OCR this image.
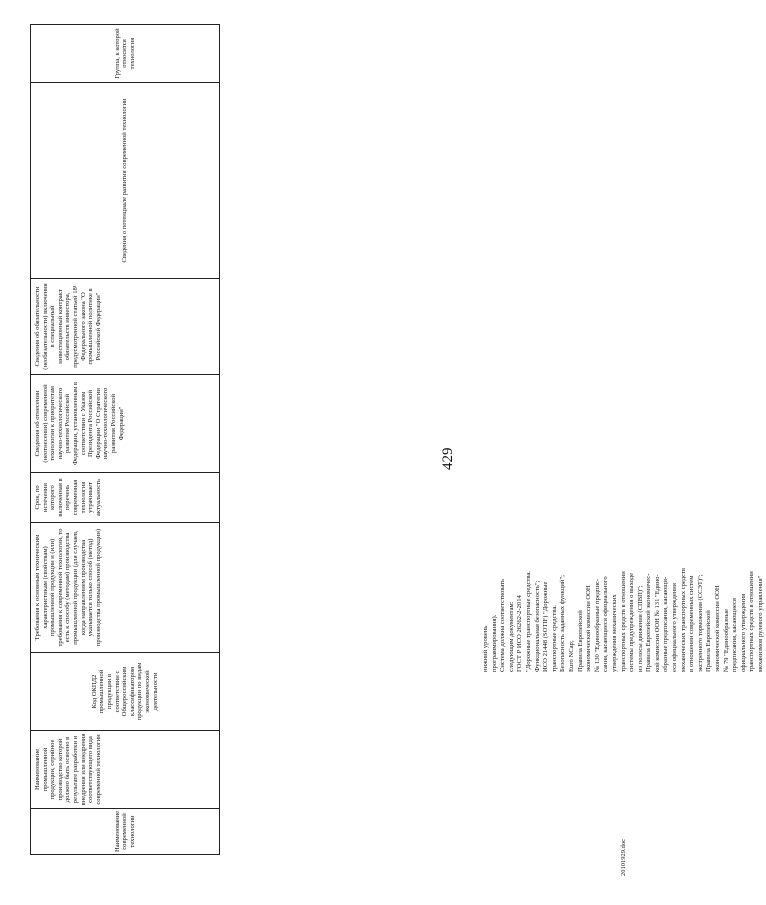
Наименование современной технологии	Наименование промышленной продукции, серийное производство которой должно быть освоено в результате разработки и внедрения или внедрения соответствующего вида современной технологии	Код ОКПД2 промышленной продукции в соответствии с Общероссийским классификатором продукции по видам экономической деятельности	Требования к основным техническим характеристикам (свойствам) промышленной продукции и (или) требования к современной технологии, то есть к способу (методам) производства промышленной продукции (для случаев, когда направлением производства указывается только способ (метод) производства промышленной продукции)	Срок, по истечении которого включенная в перечень современная технология утрачивает актуальность	Сведения об отнесении (неотнесении) современной технологии к приоритетам научно-технологического развития Российской Федерации, установленным в соответствии с Указом Президента Российской Федерации "О Стратегии научно-технологического развития Российской Федерации"	Сведения об обязательности (необязательности) включения в специальный инвестиционный контракт обязательств инвестора, предусмотренной статьей 18¹ Федерального закона "О промышленной политике в Российской Федерации"	Сведения о потенциале развития современной технологии	Группа, к которой относится технология
429
нижний уровень программирования). Система должна соответствовать следующим документам: ГОСТ Р ИСО 26262-2-2014 "Дорожные транспортные средства. Функциональная безопасность"; ИСО 21448 (SOTIF) "Дорожные транспортные средства. Безопасность заданных функций"; Euro NCap; Правила Европейской экономической комиссии ООН № 130 "Единообразные предпис- сания, касающиеся официального утверждения механических транспортных средств в отношении системы предупреждения о выходе из полосы движения (СПВП)"; Правила Европейской экономичес- кой комиссии ООН № 131 "Едино- образные предписания, касающи- еся официального утверждения механических транспортных средств в отношении современных систем экстренного торможения (ССЭТ)"; Правила Европейской экономической комиссии ООН № 79 "Единообразные предписания, касающиеся официального утверждения транспортных средств в отношении механизмов рулевого управления"
20101929.doc
